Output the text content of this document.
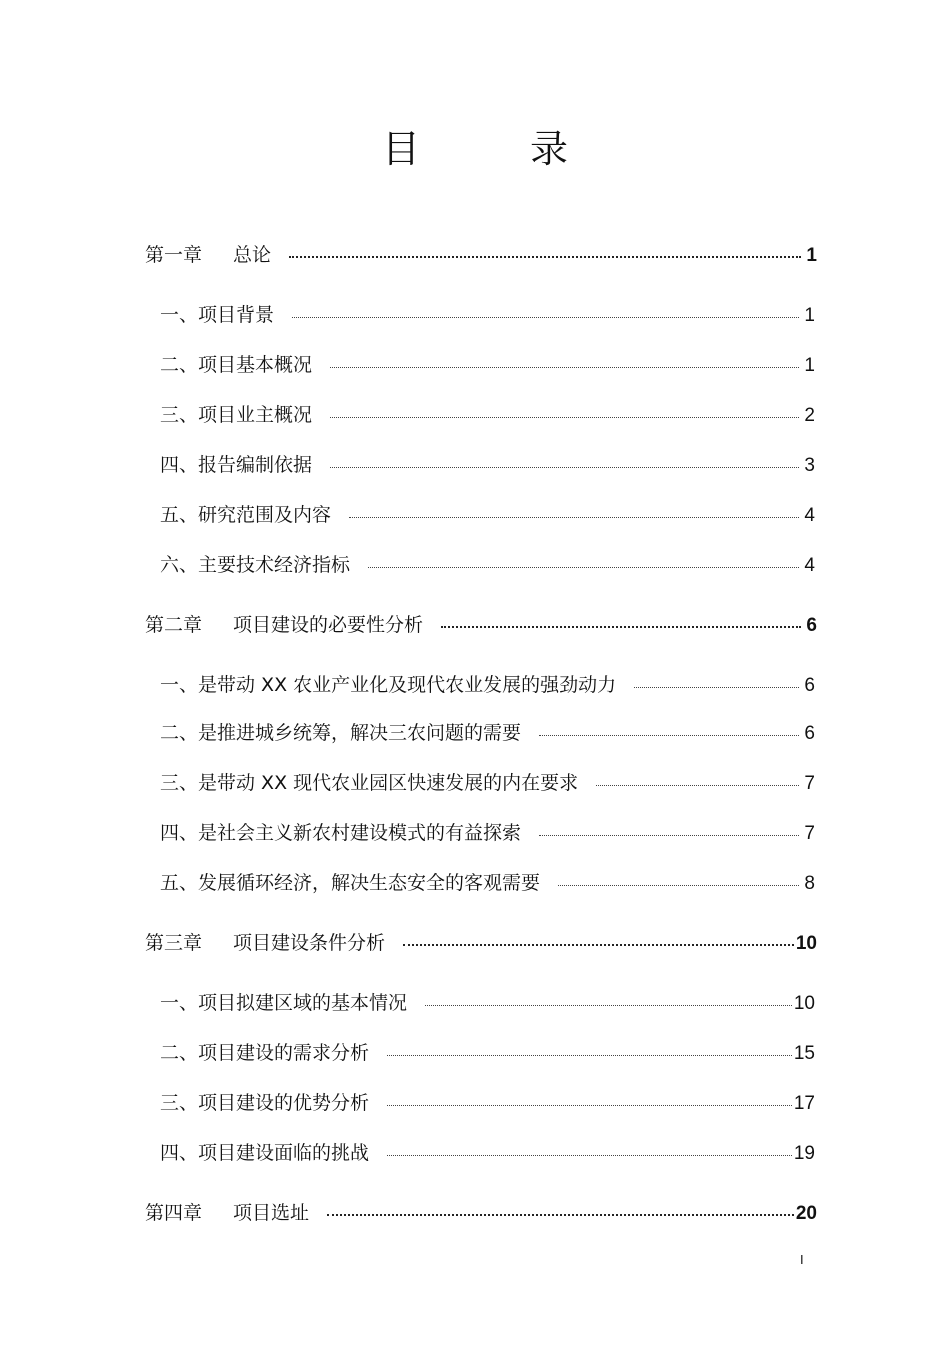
目　录
第一章	总论	1
一、 项目背景	1
二、 项目基本概况	1
三、 项目业主概况	2
四、 报告编制依据	3
五、 研究范围及内容	4
六、 主要技术经济指标	4
第二章	项目建设的必要性分析	6
一、 是带动 XX 农业产业化及现代农业发展的强劲动力	6
二、 是推进城乡统筹，解决三农问题的需要	6
三、 是带动 XX 现代农业园区快速发展的内在要求	7
四、 是社会主义新农村建设模式的有益探索	7
五、 发展循环经济，解决生态安全的客观需要	8
第三章	项目建设条件分析	10
一、 项目拟建区域的基本情况	10
二、 项目建设的需求分析	15
三、 项目建设的优势分析	17
四、 项目建设面临的挑战	19
第四章	项目选址	20
I
